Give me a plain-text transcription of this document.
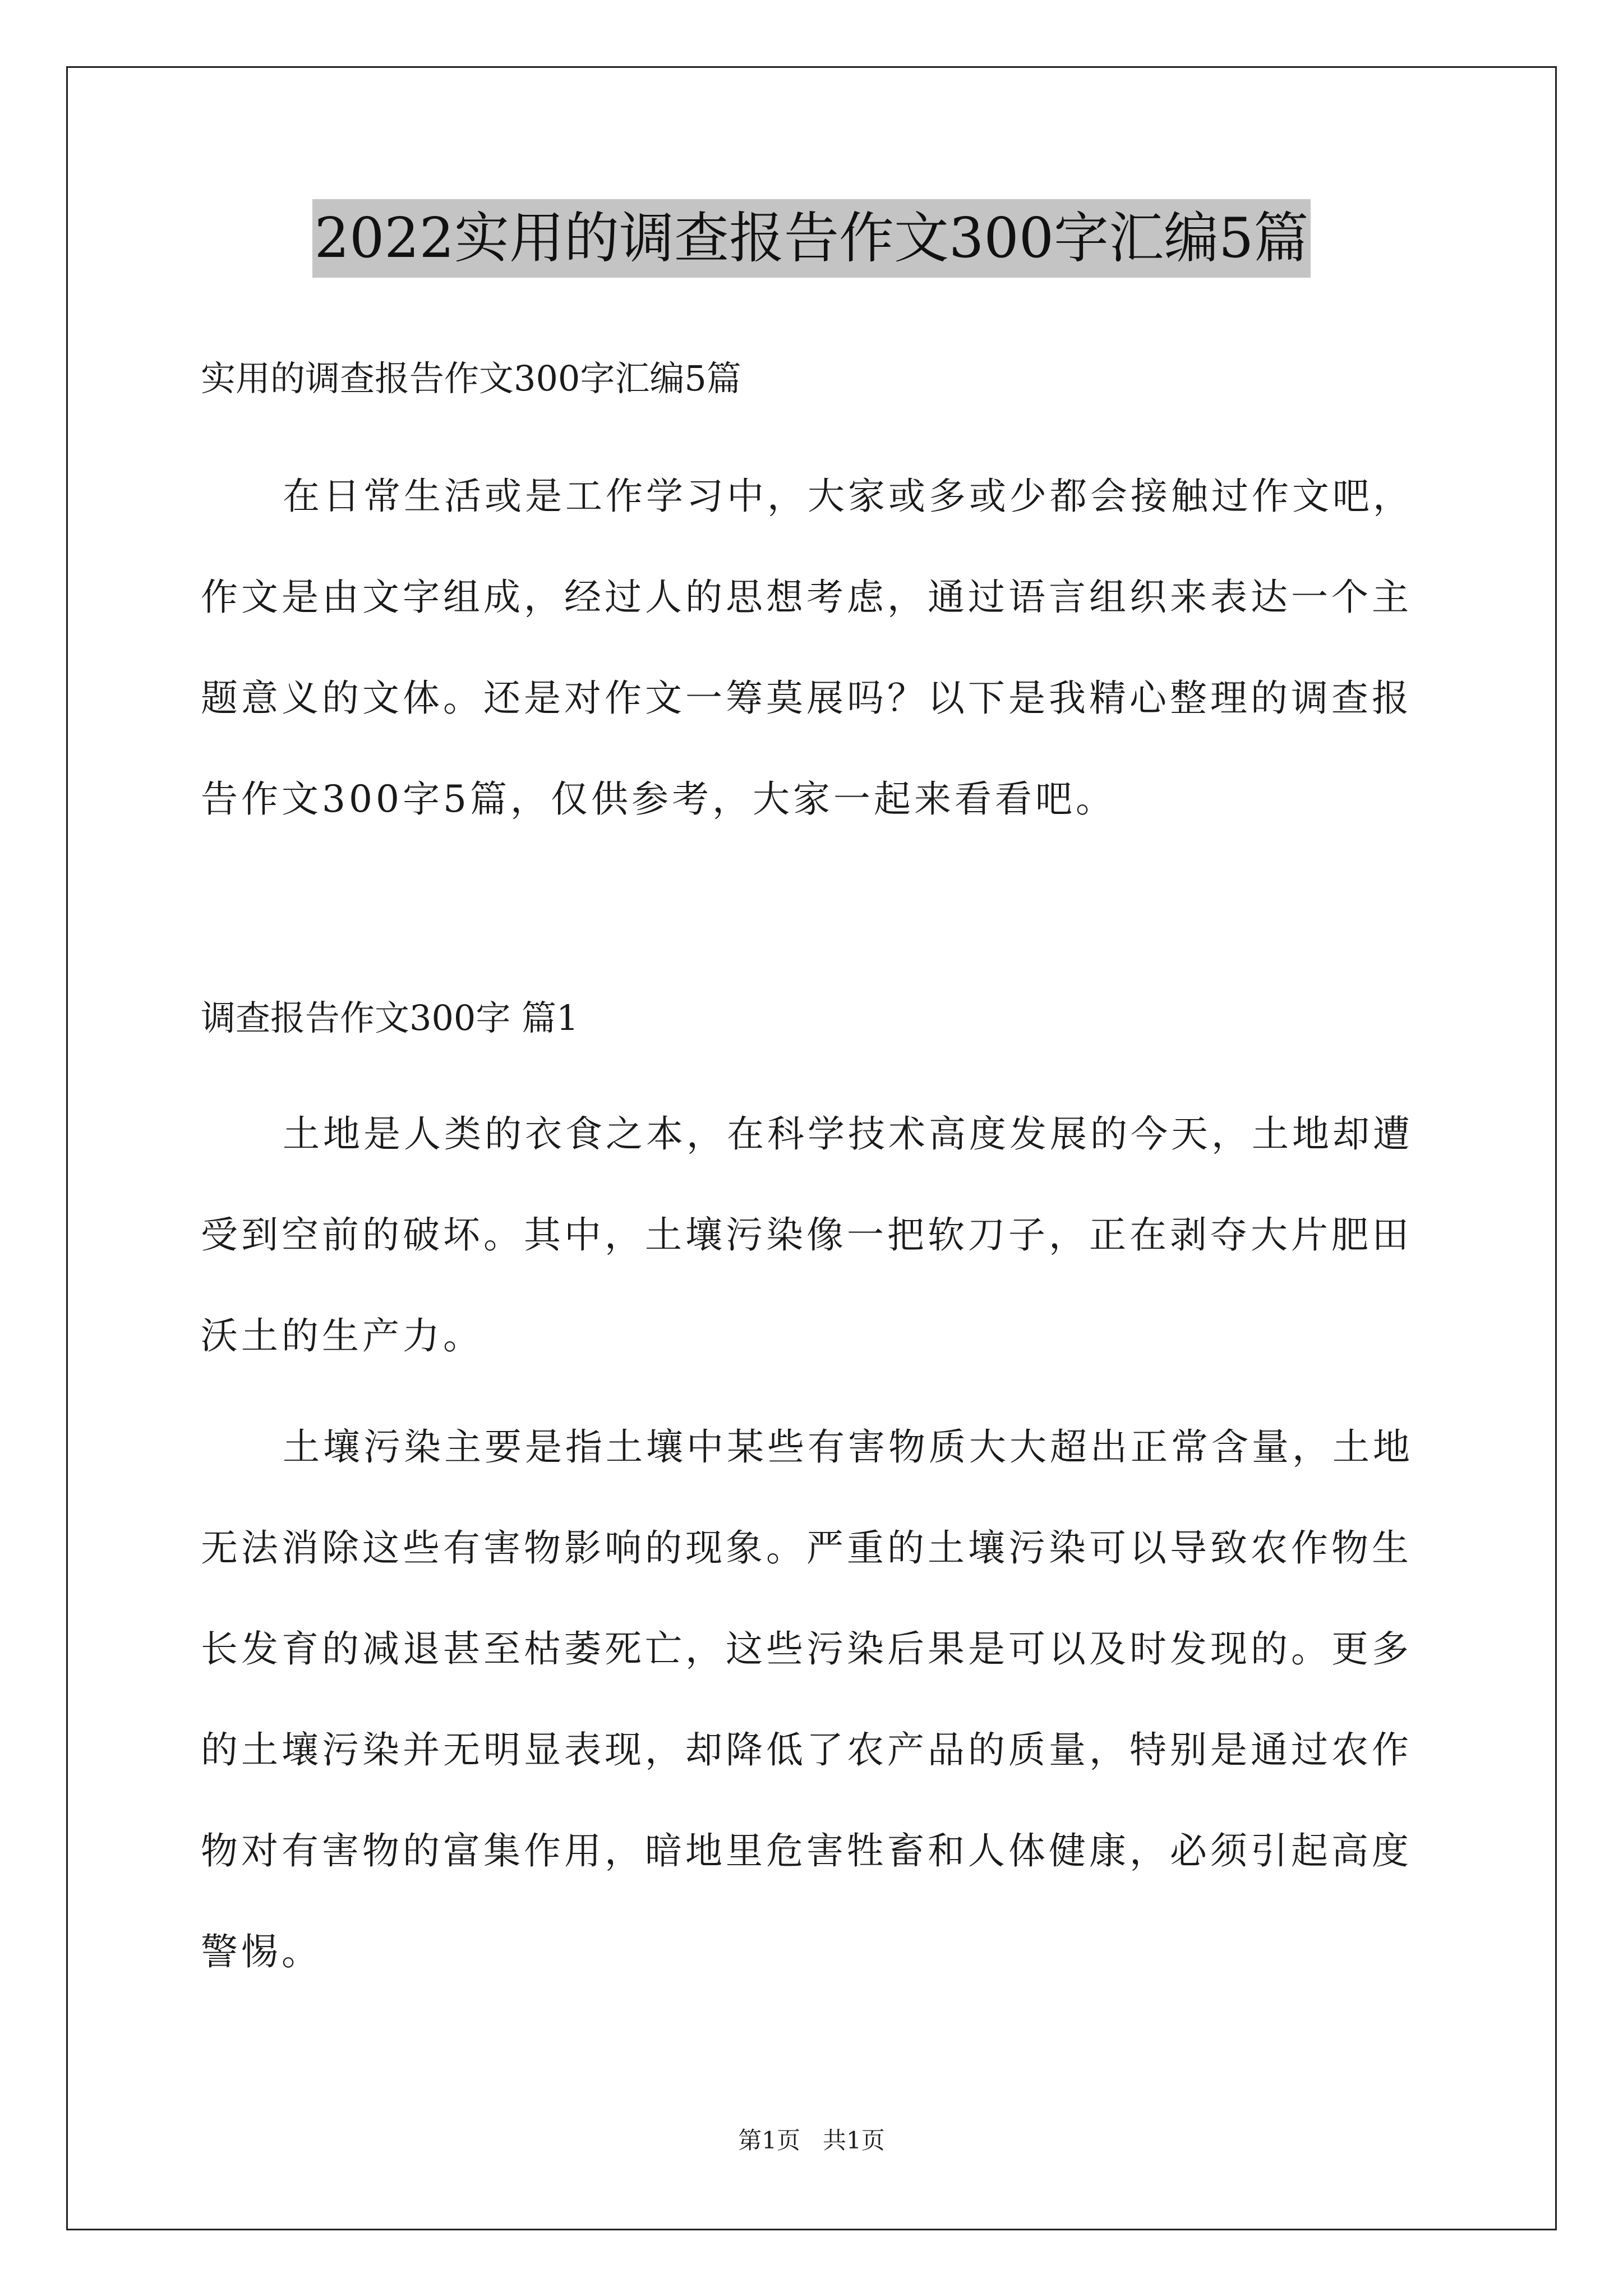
2022实用的调查报告作文300字汇编5篇
实用的调查报告作文300字汇编5篇
在日常生活或是工作学习中，大家或多或少都会接触过作文吧，
作文是由文字组成，经过人的思想考虑，通过语言组织来表达一个主
题意义的文体。还是对作文一筹莫展吗？以下是我精心整理的调查报
告作文300字5篇，仅供参考，大家一起来看看吧。
调查报告作文300字 篇1
土地是人类的衣食之本，在科学技术高度发展的今天，土地却遭
受到空前的破坏。其中，土壤污染像一把软刀子，正在剥夺大片肥田
沃土的生产力。
土壤污染主要是指土壤中某些有害物质大大超出正常含量，土地
无法消除这些有害物影响的现象。严重的土壤污染可以导致农作物生
长发育的减退甚至枯萎死亡，这些污染后果是可以及时发现的。更多
的土壤污染并无明显表现，却降低了农产品的质量，特别是通过农作
物对有害物的富集作用，暗地里危害牲畜和人体健康，必须引起高度
警惕。
第1页   共1页
